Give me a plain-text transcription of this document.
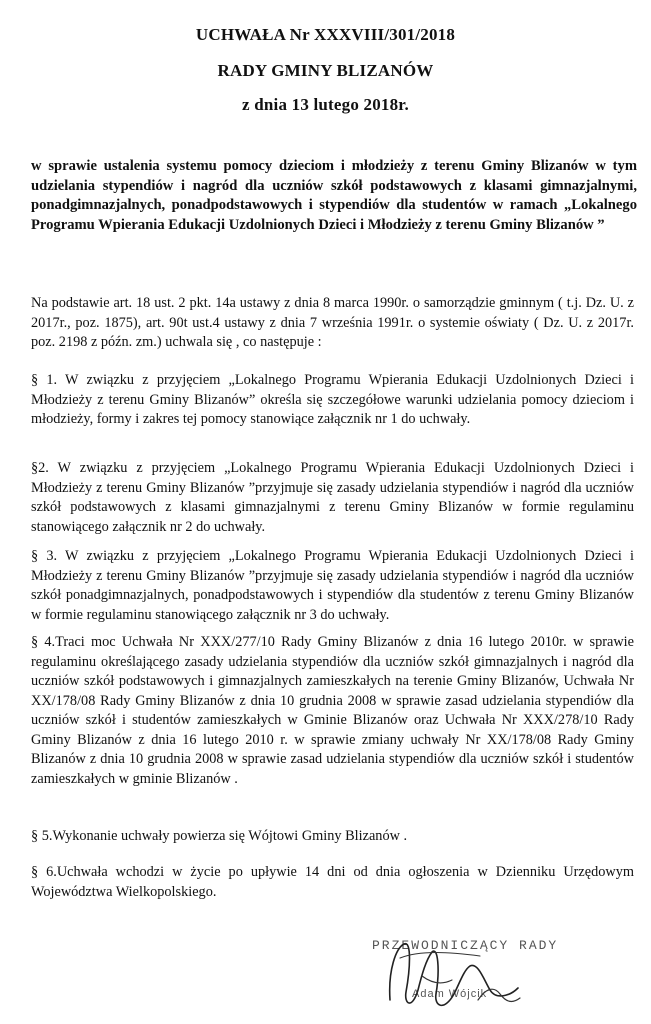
UCHWAŁA Nr XXXVIII/301/2018
RADY GMINY BLIZANÓW
z dnia 13 lutego 2018r.
w sprawie ustalenia systemu pomocy dzieciom i młodzieży z terenu Gminy Blizanów w tym udzielania stypendiów i nagród dla uczniów szkół podstawowych z klasami gimnazjalnymi, ponadgimnazjalnych, ponadpodstawowych i stypendiów dla studentów w ramach „Lokalnego Programu Wpierania Edukacji Uzdolnionych Dzieci i Młodzieży z terenu Gminy Blizanów ”
Na podstawie art. 18 ust. 2 pkt. 14a ustawy z dnia 8 marca 1990r. o samorządzie gminnym ( t.j. Dz. U. z 2017r., poz. 1875), art. 90t ust.4 ustawy z dnia 7 września 1991r. o systemie oświaty ( Dz. U. z 2017r. poz. 2198 z późn. zm.) uchwala się , co następuje :
§ 1. W związku z przyjęciem „Lokalnego Programu Wpierania Edukacji Uzdolnionych Dzieci i Młodzieży z terenu Gminy Blizanów” określa się szczegółowe warunki udzielania pomocy dzieciom i młodzieży, formy i zakres tej pomocy stanowiące załącznik nr 1 do uchwały.
§2. W związku z przyjęciem „Lokalnego Programu Wpierania Edukacji Uzdolnionych Dzieci i Młodzieży z terenu Gminy Blizanów ”przyjmuje się zasady udzielania stypendiów i nagród dla uczniów szkół podstawowych z klasami gimnazjalnymi z terenu Gminy Blizanów w formie regulaminu stanowiącego załącznik nr 2 do uchwały.
§ 3. W związku z przyjęciem „Lokalnego Programu Wpierania Edukacji Uzdolnionych Dzieci i Młodzieży z terenu Gminy Blizanów ”przyjmuje się zasady udzielania stypendiów i nagród dla uczniów szkół ponadgimnazjalnych, ponadpodstawowych i stypendiów dla studentów z terenu Gminy Blizanów w formie regulaminu stanowiącego załącznik nr 3 do uchwały.
§ 4.Traci moc Uchwała Nr XXX/277/10 Rady Gminy Blizanów z dnia 16 lutego 2010r. w sprawie regulaminu określającego zasady udzielania stypendiów dla uczniów szkół gimnazjalnych i nagród dla uczniów szkół podstawowych i gimnazjalnych zamieszkałych na terenie Gminy Blizanów, Uchwała Nr XX/178/08 Rady Gminy Blizanów z dnia 10 grudnia 2008 w sprawie zasad udzielania stypendiów dla uczniów szkół i studentów zamieszkałych w Gminie Blizanów oraz Uchwała Nr XXX/278/10 Rady Gminy Blizanów z dnia 16 lutego 2010 r. w sprawie zmiany uchwały Nr XX/178/08 Rady Gminy Blizanów z dnia 10 grudnia 2008 w sprawie zasad udzielania stypendiów dla uczniów szkół i studentów zamieszkałych w gminie Blizanów .
§ 5.Wykonanie uchwały powierza się Wójtowi Gminy Blizanów .
§ 6.Uchwała wchodzi w życie po upływie 14 dni od dnia ogłoszenia w Dzienniku Urzędowym Województwa Wielkopolskiego.
PRZEWODNICZĄCY RADY
Adam Wójcik
